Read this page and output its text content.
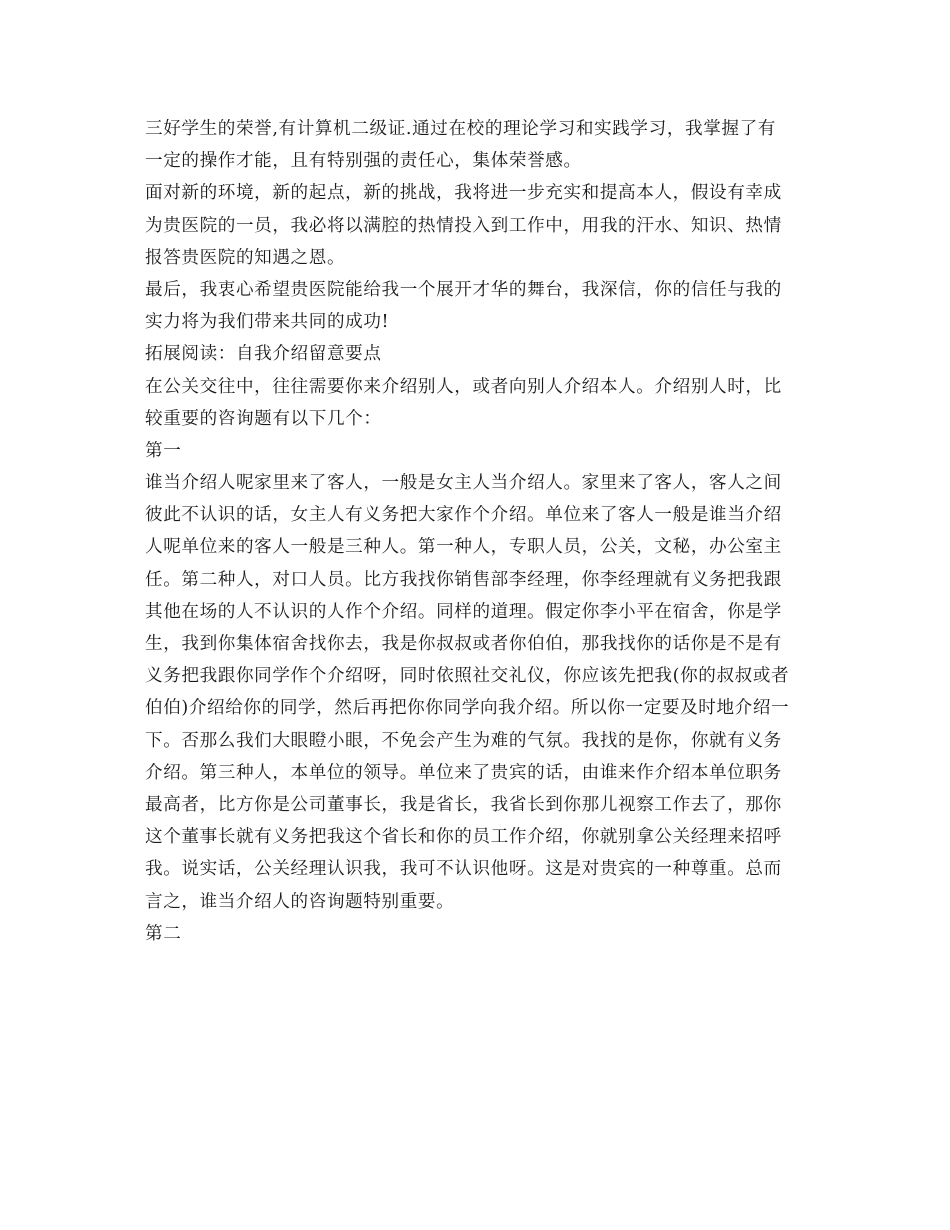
三好学生的荣誉,有计算机二级证.通过在校的理论学习和实践学习，我掌握了有
一定的操作才能，且有特别强的责任心，集体荣誉感。
面对新的环境，新的起点，新的挑战，我将进一步充实和提高本人，假设有幸成
为贵医院的一员，我必将以满腔的热情投入到工作中，用我的汗水、知识、热情
报答贵医院的知遇之恩。
最后，我衷心希望贵医院能给我一个展开才华的舞台，我深信，你的信任与我的
实力将为我们带来共同的成功!
拓展阅读：自我介绍留意要点
在公关交往中，往往需要你来介绍别人，或者向别人介绍本人。介绍别人时，比
较重要的咨询题有以下几个：
第一
谁当介绍人呢家里来了客人，一般是女主人当介绍人。家里来了客人，客人之间
彼此不认识的话，女主人有义务把大家作个介绍。单位来了客人一般是谁当介绍
人呢单位来的客人一般是三种人。第一种人，专职人员，公关，文秘，办公室主
任。第二种人，对口人员。比方我找你销售部李经理，你李经理就有义务把我跟
其他在场的人不认识的人作个介绍。同样的道理。假定你李小平在宿舍，你是学
生，我到你集体宿舍找你去，我是你叔叔或者你伯伯，那我找你的话你是不是有
义务把我跟你同学作个介绍呀，同时依照社交礼仪，你应该先把我(你的叔叔或者
伯伯)介绍给你的同学，然后再把你你同学向我介绍。所以你一定要及时地介绍一
下。否那么我们大眼瞪小眼，不免会产生为难的气氛。我找的是你，你就有义务
介绍。第三种人，本单位的领导。单位来了贵宾的话，由谁来作介绍本单位职务
最高者，比方你是公司董事长，我是省长，我省长到你那儿视察工作去了，那你
这个董事长就有义务把我这个省长和你的员工作介绍，你就别拿公关经理来招呼
我。说实话，公关经理认识我，我可不认识他呀。这是对贵宾的一种尊重。总而
言之，谁当介绍人的咨询题特别重要。
第二
